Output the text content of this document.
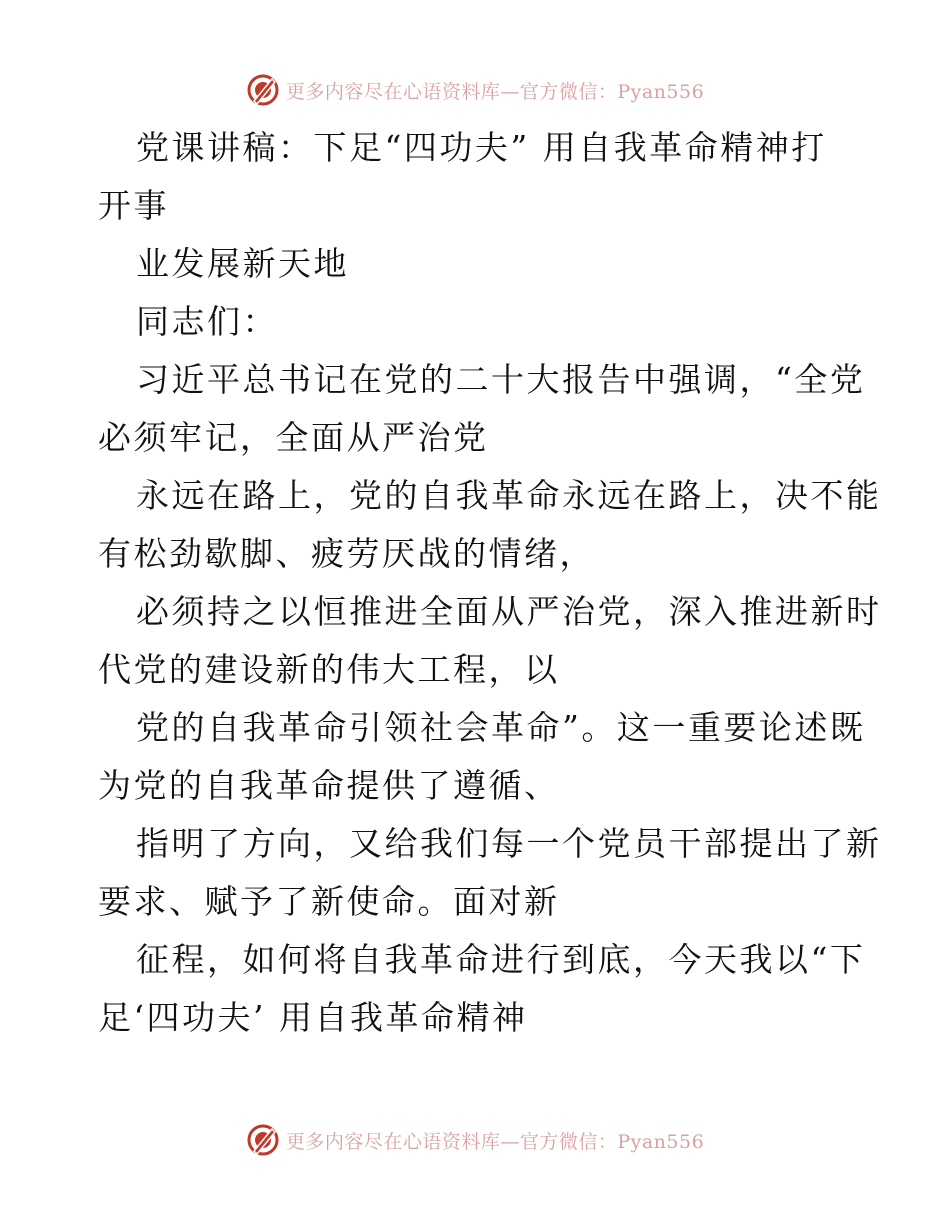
更多内容尽在心语资料库—官方微信：Pyan556
党课讲稿：下足“四功夫” 用自我革命精神打
开事
业发展新天地
同志们：
习近平总书记在党的二十大报告中强调，“全党
必须牢记，全面从严治党
永远在路上，党的自我革命永远在路上，决不能
有松劲歇脚、疲劳厌战的情绪，
必须持之以恒推进全面从严治党，深入推进新时
代党的建设新的伟大工程，以
党的自我革命引领社会革命”。这一重要论述既
为党的自我革命提供了遵循、
指明了方向，又给我们每一个党员干部提出了新
要求、赋予了新使命。面对新
征程，如何将自我革命进行到底，今天我以“下
足‘四功夫’ 用自我革命精神
更多内容尽在心语资料库—官方微信：Pyan556
